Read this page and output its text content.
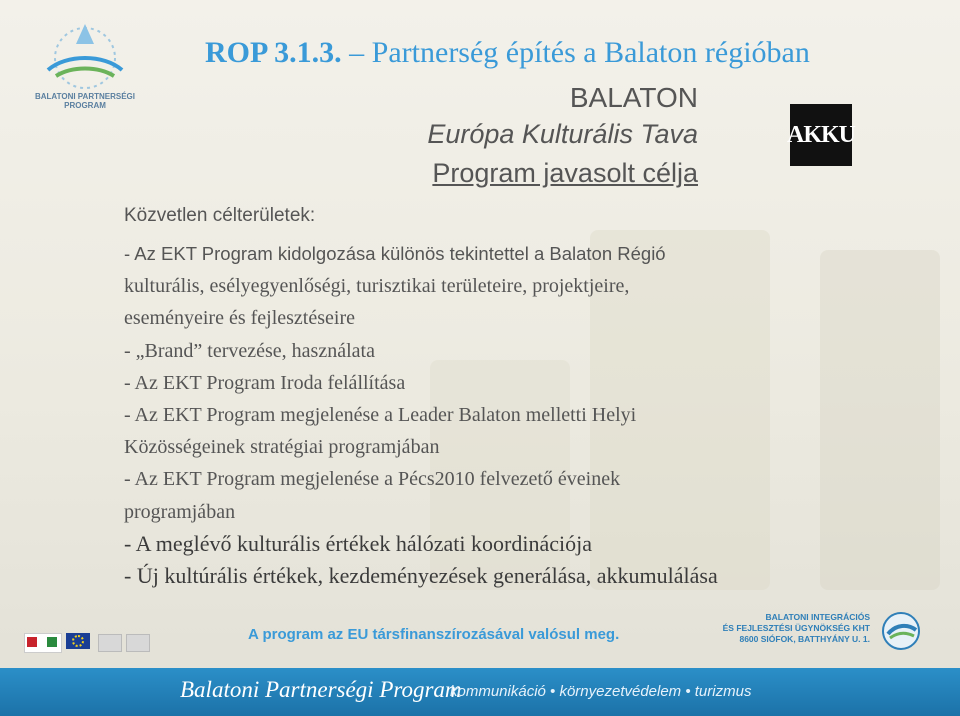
BALATONI PARTNERSÉGI PROGRAM
ROP 3.1.3. – Partnerség építés a Balaton régióban
AKKU

BALATON

Európa Kulturális Tava

Program javasolt célja

Közvetlen célterületek:

- Az EKT Program kidolgozása különös tekintettel a Balaton Régió
kulturális, esélyegyenlőségi, turisztikai területeire, projektjeire,
eseményeire és fejlesztéseire
- „Brand” tervezése, használata
- Az EKT Program Iroda felállítása
- Az EKT Program megjelenése a Leader Balaton melletti Helyi
Közösségeinek stratégiai programjában
- Az EKT Program megjelenése a Pécs2010 felvezető éveinek
programjában
- A meglévő kulturális értékek hálózati koordinációja
- Új kultúrális értékek, kezdeményezések generálása, akkumulálása

A program az EU társfinanszírozásával valósul meg.

BALATONI INTEGRÁCIÓS
ÉS FEJLESZTÉSI ÜGYNÖKSÉG KHT
8600 SIÓFOK, BATTHYÁNY U. 1.
Balatoni Partnerségi Program
kommunikáció • környezetvédelem • turizmus
